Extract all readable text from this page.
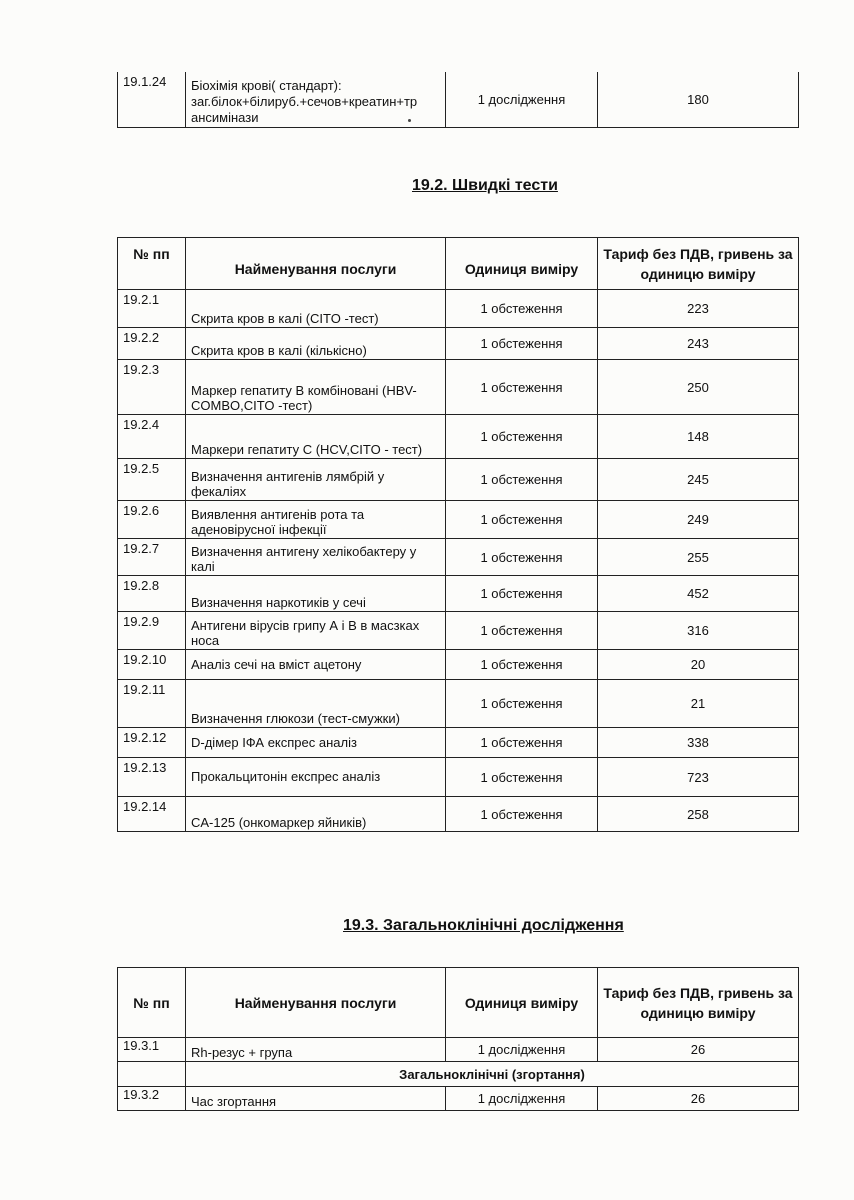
19.1.24	Біохімія крові( стандарт): заг.білок+білируб.+сечов+креатин+тр ансимінази	1 дослідження	180
19.2. Швидкі тести
№ пп	Найменування послуги	Одиниця виміру	Тариф без ПДВ, гривень за одиницю виміру
19.2.1	Скрита кров в калі (CITO -тест)	1 обстеження	223
19.2.2	Скрита кров в калі (кількісно)	1 обстеження	243
19.2.3	Маркер гепатиту В комбіновані (HBV-COMBO,CITO -тест)	1 обстеження	250
19.2.4	Маркери гепатиту С (HCV,CITO - тест)	1 обстеження	148
19.2.5	Визначення антигенів лямбрій у фекаліях	1 обстеження	245
19.2.6	Виявлення антигенів рота та аденовірусної інфекції	1 обстеження	249
19.2.7	Визначення антигену хелікобактеру у калі	1 обстеження	255
19.2.8	Визначення наркотиків у сечі	1 обстеження	452
19.2.9	Антигени вірусів грипу А і В в масзках носа	1 обстеження	316
19.2.10	Аналіз сечі на вміст ацетону	1 обстеження	20
19.2.11	Визначення глюкози (тест-смужки)	1 обстеження	21
19.2.12	D-дімер ІФА експрес аналіз	1 обстеження	338
19.2.13	Прокальцитонін експрес аналіз	1 обстеження	723
19.2.14	CA-125 (онкомаркер яйників)	1 обстеження	258
19.3. Загальноклінічні дослідження
№ пп	Найменування послуги	Одиниця виміру	Тариф без ПДВ, гривень за одиницю виміру
19.3.1	Rh-резус + група	1 дослідження	26
	Загальноклінічні (згортання)		
19.3.2	Час згортання	1 дослідження	26
